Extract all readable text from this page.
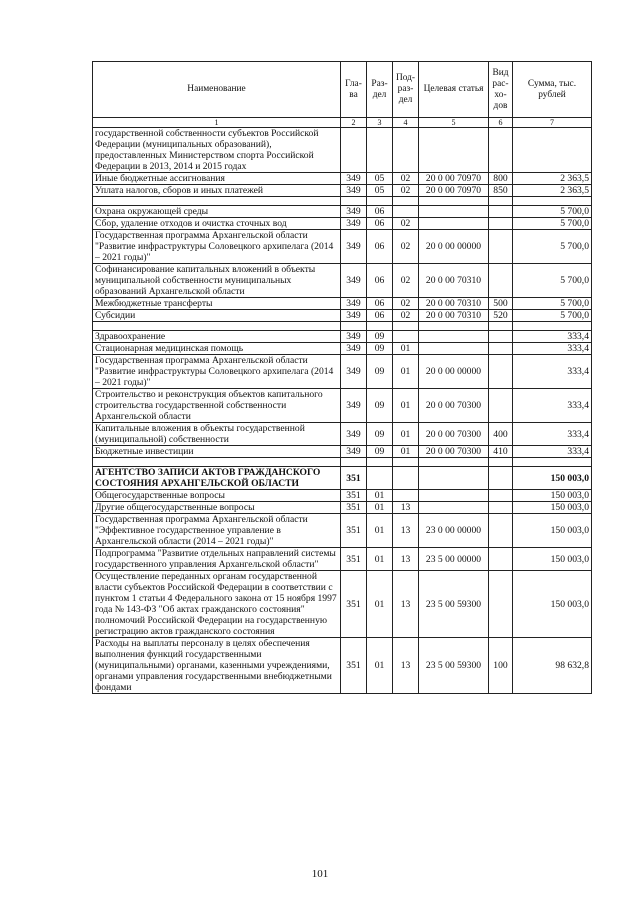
Наименование	Гла-ва	Раз-дел	Под-раз-дел	Целевая статья	Вид рас-хо-дов	Сумма, тыс. рублей
1	2	3	4	5	6	7
государственной собственности субъектов Российской Федерации (муниципальных образований), предоставленных Министерством спорта Российской Федерации в 2013, 2014 и 2015 годах						
Иные бюджетные ассигнования	349	05	02	20 0 00 70970	800	2 363,5
Уплата налогов, сборов и иных платежей	349	05	02	20 0 00 70970	850	2 363,5

Охрана окружающей среды	349	06				5 700,0
Сбор, удаление отходов и очистка сточных вод	349	06	02			5 700,0
Государственная программа Архангельской области "Развитие инфраструктуры Соловецкого архипелага (2014 – 2021 годы)"	349	06	02	20 0 00 00000		5 700,0
Софинансирование капитальных вложений в объекты муниципальной собственности муниципальных образований Архангельской области	349	06	02	20 0 00 70310		5 700,0
Межбюджетные трансферты	349	06	02	20 0 00 70310	500	5 700,0
Субсидии	349	06	02	20 0 00 70310	520	5 700,0

Здравоохранение	349	09				333,4
Стационарная медицинская помощь	349	09	01			333,4
Государственная программа Архангельской области "Развитие инфраструктуры Соловецкого архипелага (2014 – 2021 годы)"	349	09	01	20 0 00 00000		333,4
Строительство и реконструкция объектов капитального строительства государственной собственности Архангельской области	349	09	01	20 0 00 70300		333,4
Капитальные вложения в объекты государственной (муниципальной) собственности	349	09	01	20 0 00 70300	400	333,4
Бюджетные инвестиции	349	09	01	20 0 00 70300	410	333,4

АГЕНТСТВО ЗАПИСИ АКТОВ ГРАЖДАНСКОГО СОСТОЯНИЯ АРХАНГЕЛЬСКОЙ ОБЛАСТИ	351					150 003,0
Общегосударственные вопросы	351	01				150 003,0
Другие общегосударственные вопросы	351	01	13			150 003,0
Государственная программа Архангельской области "Эффективное государственное управление в Архангельской области (2014 – 2021 годы)"	351	01	13	23 0 00 00000		150 003,0
Подпрограмма "Развитие отдельных направлений системы государственного управления Архангельской области"	351	01	13	23 5 00 00000		150 003,0
Осуществление переданных органам государственной власти субъектов Российской Федерации в соответствии с пунктом 1 статьи 4 Федерального закона от 15 ноября 1997 года № 143-ФЗ "Об актах гражданского состояния" полномочий Российской Федерации на государственную регистрацию актов гражданского состояния	351	01	13	23 5 00 59300		150 003,0
Расходы на выплаты персоналу в целях обеспечения выполнения функций государственными (муниципальными) органами, казенными учреждениями, органами управления государственными внебюджетными фондами	351	01	13	23 5 00 59300	100	98 632,8
101
